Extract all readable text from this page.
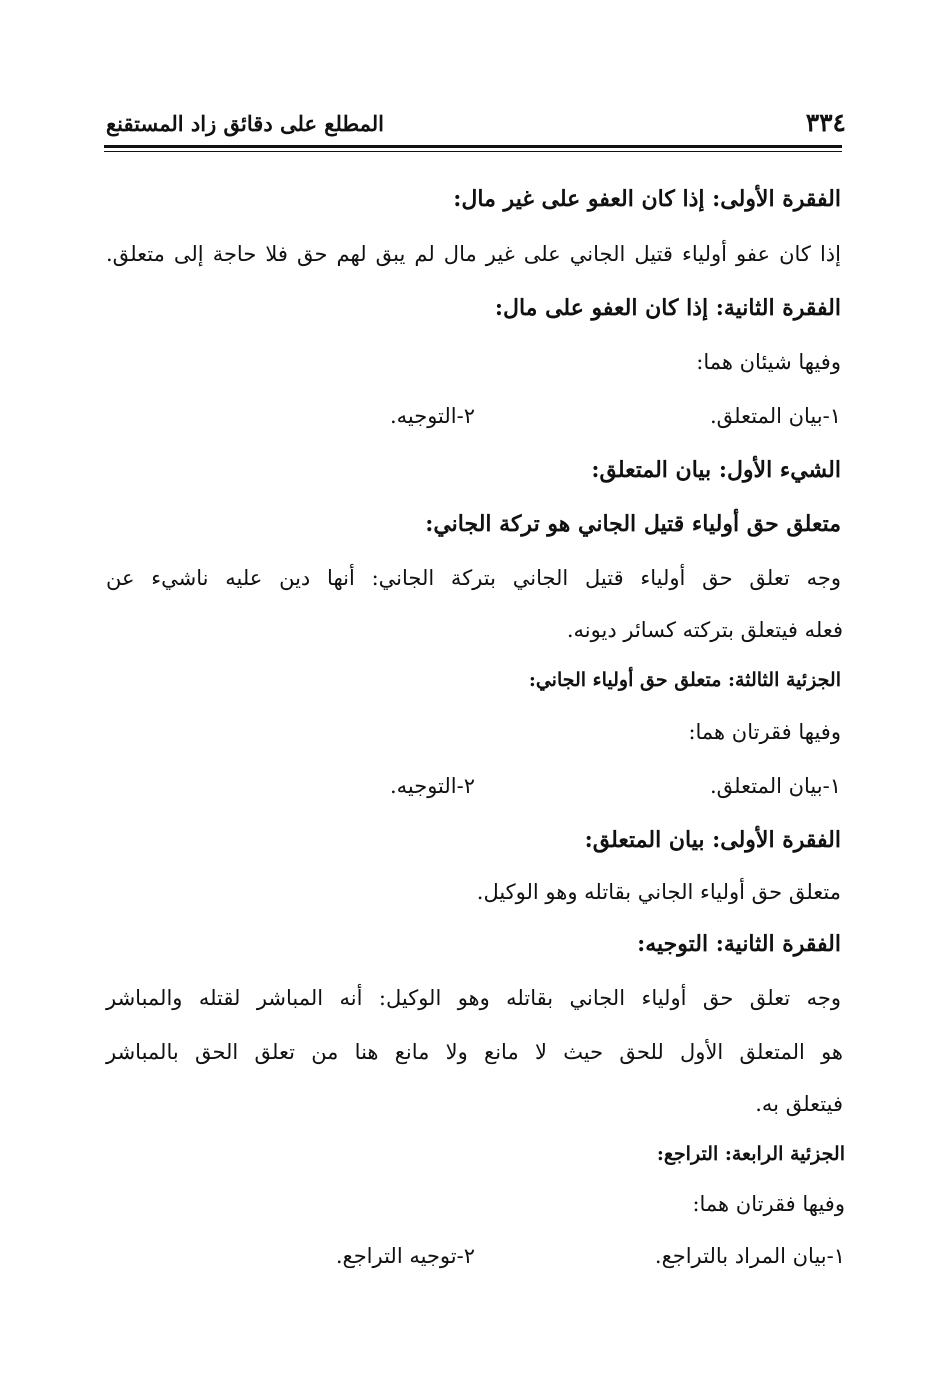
٣٣٤
المطلع على دقائق زاد المستقنع

الفقرة الأولى: إذا كان العفو على غير مال:

إذا كان عفو أولياء قتيل الجاني على غير مال لم يبق لهم حق فلا حاجة إلى متعلق.

الفقرة الثانية: إذا كان العفو على مال:

وفيها شيئان هما:

١-بيان المتعلق.

٢-التوجيه.

الشيء الأول: بيان المتعلق:

متعلق حق أولياء قتيل الجاني هو تركة الجاني:

وجه تعلق حق أولياء قتيل الجاني بتركة الجاني: أنها دين عليه ناشيء عن

فعله فيتعلق بتركته كسائر ديونه.

الجزئية الثالثة: متعلق حق أولياء الجاني:

وفيها فقرتان هما:

١-بيان المتعلق.

٢-التوجيه.

الفقرة الأولى: بيان المتعلق:

متعلق حق أولياء الجاني بقاتله وهو الوكيل.

الفقرة الثانية: التوجيه:

وجه تعلق حق أولياء الجاني بقاتله وهو الوكيل: أنه المباشر لقتله والمباشر

هو المتعلق الأول للحق حيث لا مانع ولا مانع هنا من تعلق الحق بالمباشر

فيتعلق به.

الجزئية الرابعة: التراجع:

وفيها فقرتان هما:

١-بيان المراد بالتراجع.

٢-توجيه التراجع.
